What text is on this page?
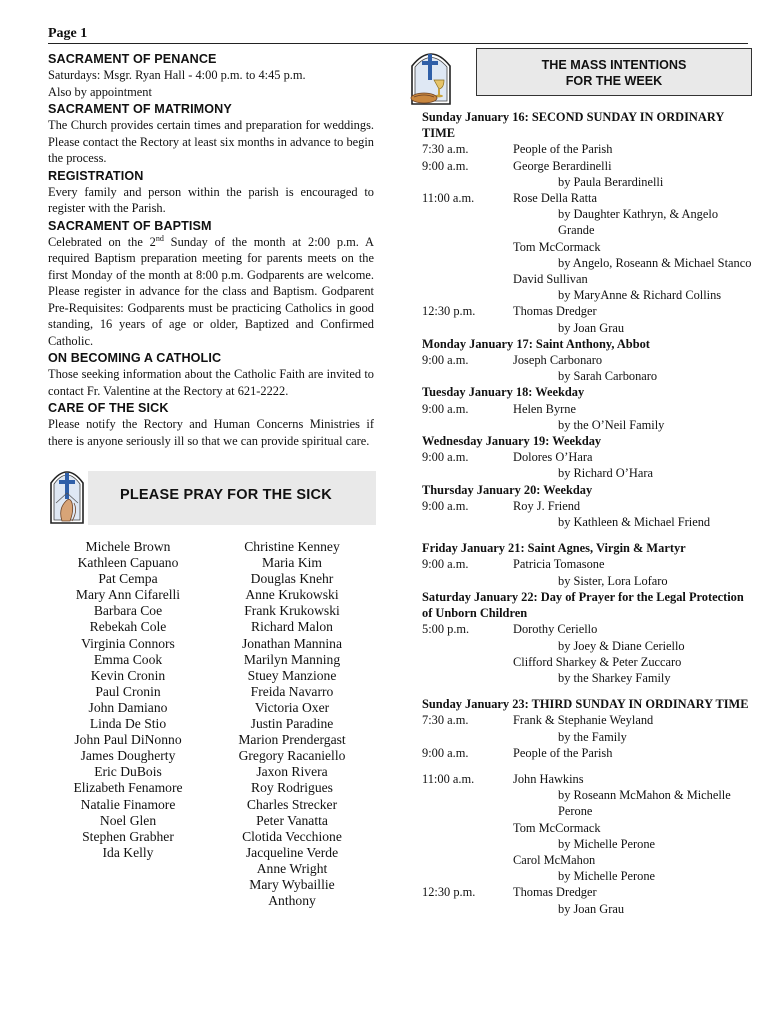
Page 1
SACRAMENT OF PENANCE

Saturdays: Msgr. Ryan Hall - 4:00 p.m. to 4:45 p.m.
Also by appointment

SACRAMENT OF MATRIMONY

The Church provides certain times and preparation for weddings. Please contact the Rectory at least six months in advance to begin the process.

REGISTRATION

Every family and person within the parish is encouraged to register with the Parish.

SACRAMENT OF BAPTISM

Celebrated on the 2nd Sunday of the month at 2:00 p.m. A required Baptism preparation meeting for parents meets on the first Monday of the month at 8:00 p.m. Godparents are welcome. Please register in advance for the class and Baptism. Godparent Pre-Requisites: Godparents must be practicing Catholics in good standing, 16 years of age or older, Baptized and Confirmed Catholic.

ON BECOMING A CATHOLIC

Those seeking information about the Catholic Faith are invited to contact Fr. Valentine at the Rectory at 621-2222.

CARE OF THE SICK

Please notify the Rectory and Human Concerns Ministries if there is anyone seriously ill so that we can provide spiritual care.

PLEASE PRAY FOR THE SICK
Michele Brown
Kathleen Capuano
Pat Cempa
Mary Ann Cifarelli
Barbara Coe
Rebekah Cole
Virginia Connors
Emma Cook
Kevin Cronin
Paul Cronin
John Damiano
Linda De Stio
John Paul DiNonno
James Dougherty
Eric DuBois
Elizabeth Fenamore
Natalie Finamore
Noel Glen
Stephen Grabher
Ida Kelly
Christine Kenney
Maria Kim
Douglas Knehr
Anne Krukowski
Frank Krukowski
Richard Malon
Jonathan Mannina
Marilyn Manning
Stuey Manzione
Freida Navarro
Victoria Oxer
Justin Paradine
Marion Prendergast
Gregory Racaniello
Jaxon Rivera
Roy Rodrigues
Charles Strecker
Peter Vanatta
Clotida Vecchione
Jacqueline Verde
Anne Wright
Mary Wybaillie
Anthony
THE MASS INTENTIONS
FOR THE WEEK
Sunday January 16: SECOND SUNDAY IN ORDINARY TIME
7:30 a.m.	People of the Parish
9:00 a.m.	George Berardinelli
by Paula Berardinelli
11:00 a.m.	Rose Della Ratta
by Daughter Kathryn, & Angelo Grande
Tom McCormack
by Angelo, Roseann & Michael Stanco
David Sullivan
by MaryAnne & Richard Collins
12:30 p.m.	Thomas Dredger
by Joan Grau
Monday January 17: Saint Anthony, Abbot
9:00 a.m.	Joseph Carbonaro
by Sarah Carbonaro
Tuesday January 18: Weekday
9:00 a.m.	Helen Byrne
by the O’Neil Family
Wednesday January 19: Weekday
9:00 a.m.	Dolores O’Hara
by Richard O’Hara
Thursday January 20: Weekday
9:00 a.m.	Roy J. Friend
by Kathleen & Michael Friend
Friday January 21: Saint Agnes, Virgin & Martyr
9:00 a.m.	Patricia Tomasone
by Sister, Lora Lofaro
Saturday January 22: Day of Prayer for the Legal Protection of Unborn Children
5:00 p.m.	Dorothy Ceriello
by Joey & Diane Ceriello
Clifford Sharkey & Peter Zuccaro
by the Sharkey Family
Sunday January 23: THIRD SUNDAY IN ORDINARY TIME
7:30 a.m.	Frank & Stephanie Weyland
by the Family
9:00 a.m.	People of the Parish
11:00 a.m.	John Hawkins
by Roseann McMahon & Michelle Perone
Tom McCormack
by Michelle Perone
Carol McMahon
by Michelle Perone
12:30 p.m.	Thomas Dredger
by Joan Grau
